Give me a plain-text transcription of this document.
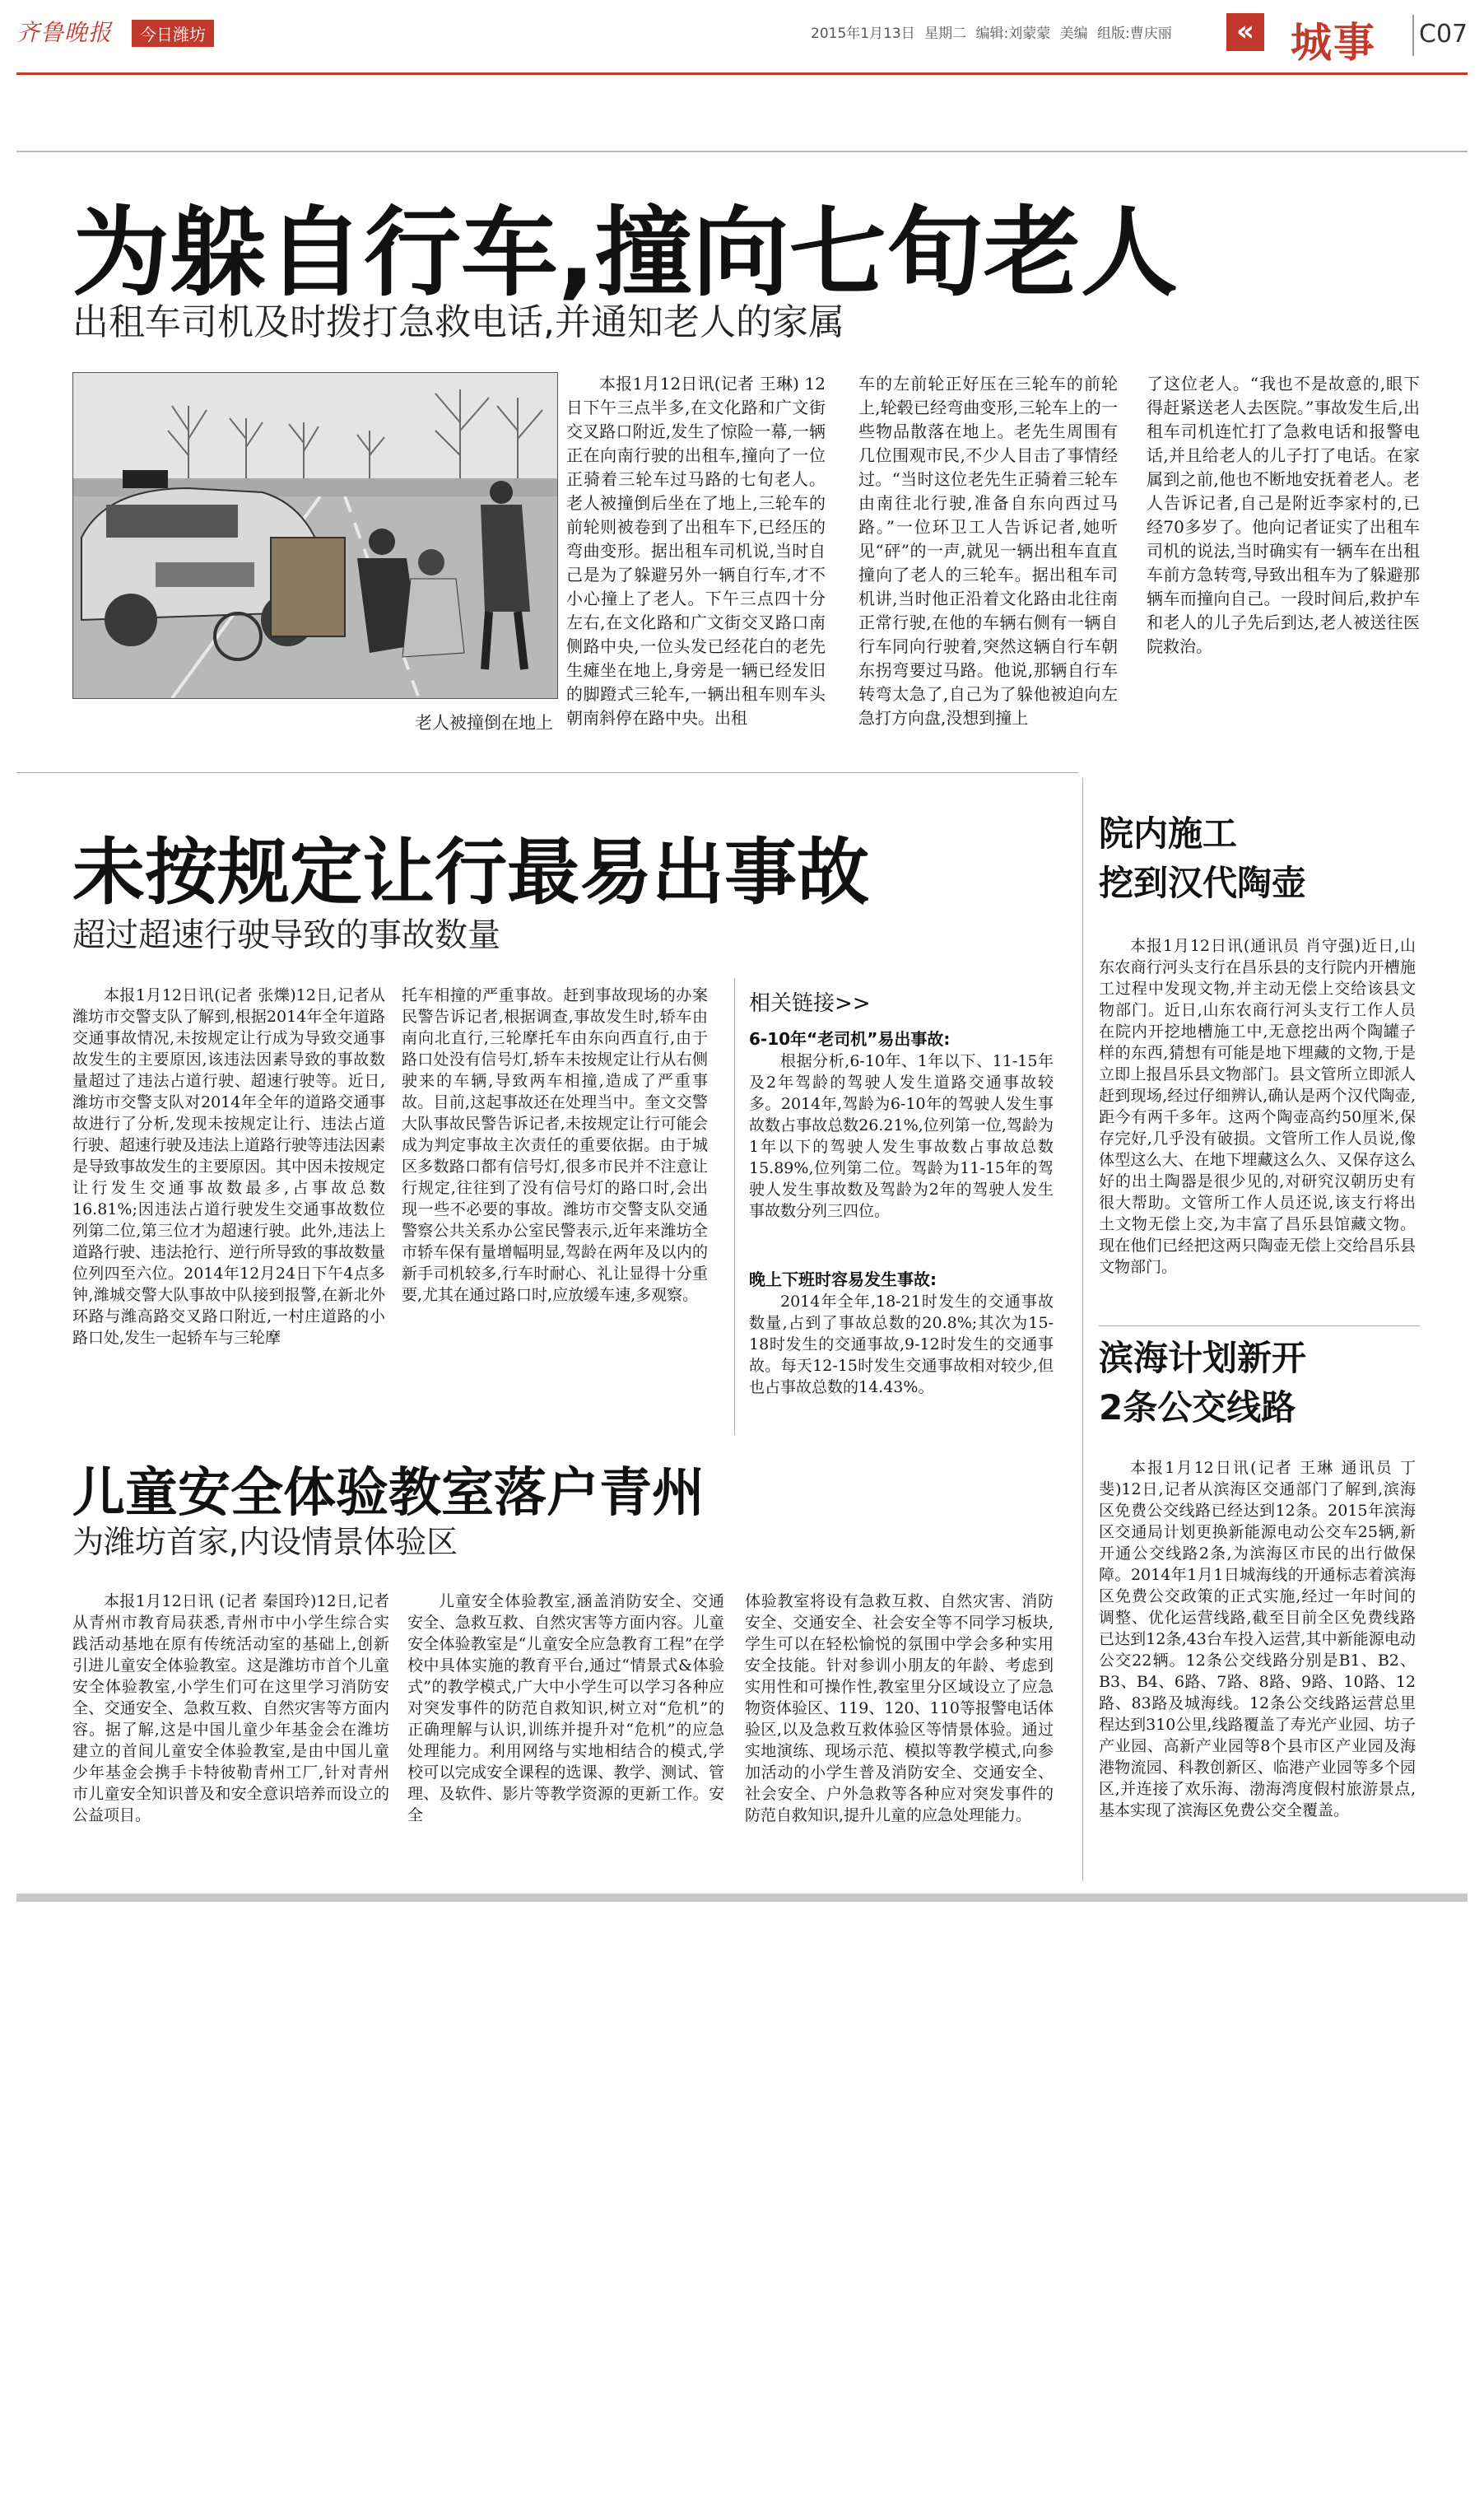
齐鲁晚报	今日潍坊	2015年1月13日 星期二 编辑:刘蒙蒙 美编 组版:曹庆丽	« 城事 C07
为躲自行车,撞向七旬老人
出租车司机及时拨打急救电话,并通知老人的家属
老人被撞倒在地上
本报1月12日讯(记者 王琳) 12日下午三点半多,在文化路和广文街交叉路口附近,发生了惊险一幕,一辆正在向南行驶的出租车,撞向了一位正骑着三轮车过马路的七旬老人。老人被撞倒后坐在了地上,三轮车的前轮则被卷到了出租车下,已经压的弯曲变形。据出租车司机说,当时自己是为了躲避另外一辆自行车,才不小心撞上了老人。下午三点四十分左右,在文化路和广文街交叉路口南侧路中央,一位头发已经花白的老先生瘫坐在地上,身旁是一辆已经发旧的脚蹬式三轮车,一辆出租车则车头朝南斜停在路中央。出租
车的左前轮正好压在三轮车的前轮上,轮毂已经弯曲变形,三轮车上的一些物品散落在地上。老先生周围有几位围观市民,不少人目击了事情经过。“当时这位老先生正骑着三轮车由南往北行驶,准备自东向西过马路。”一位环卫工人告诉记者,她听见“砰”的一声,就见一辆出租车直直撞向了老人的三轮车。据出租车司机讲,当时他正沿着文化路由北往南正常行驶,在他的车辆右侧有一辆自行车同向行驶着,突然这辆自行车朝东拐弯要过马路。他说,那辆自行车转弯太急了,自己为了躲他被迫向左急打方向盘,没想到撞上
了这位老人。“我也不是故意的,眼下得赶紧送老人去医院。”事故发生后,出租车司机连忙打了急救电话和报警电话,并且给老人的儿子打了电话。在家属到之前,他也不断地安抚着老人。老人告诉记者,自己是附近李家村的,已经70多岁了。他向记者证实了出租车司机的说法,当时确实有一辆车在出租车前方急转弯,导致出租车为了躲避那辆车而撞向自己。一段时间后,救护车和老人的儿子先后到达,老人被送往医院救治。
未按规定让行最易出事故
超过超速行驶导致的事故数量
本报1月12日讯(记者 张爍)12日,记者从潍坊市交警支队了解到,根据2014年全年道路交通事故情况,未按规定让行成为导致交通事故发生的主要原因,该违法因素导致的事故数量超过了违法占道行驶、超速行驶等。近日,潍坊市交警支队对2014年全年的道路交通事故进行了分析,发现未按规定让行、违法占道行驶、超速行驶及违法上道路行驶等违法因素是导致事故发生的主要原因。其中因未按规定让行发生交通事故数最多,占事故总数16.81%;因违法占道行驶发生交通事故数位列第二位,第三位才为超速行驶。此外,违法上道路行驶、违法抢行、逆行所导致的事故数量位列四至六位。2014年12月24日下午4点多钟,潍城交警大队事故中队接到报警,在新北外环路与潍高路交叉路口附近,一村庄道路的小路口处,发生一起轿车与三轮摩
托车相撞的严重事故。赶到事故现场的办案民警告诉记者,根据调查,事故发生时,轿车由南向北直行,三轮摩托车由东向西直行,由于路口处没有信号灯,轿车未按规定让行从右侧驶来的车辆,导致两车相撞,造成了严重事故。目前,这起事故还在处理当中。奎文交警大队事故民警告诉记者,未按规定让行可能会成为判定事故主次责任的重要依据。由于城区多数路口都有信号灯,很多市民并不注意让行规定,往往到了没有信号灯的路口时,会出现一些不必要的事故。潍坊市交警支队交通警察公共关系办公室民警表示,近年来潍坊全市轿车保有量增幅明显,驾龄在两年及以内的新手司机较多,行车时耐心、礼让显得十分重要,尤其在通过路口时,应放缓车速,多观察。
相关链接>>
6-10年“老司机”易出事故:
根据分析,6-10年、1年以下、11-15年及2年驾龄的驾驶人发生道路交通事故较多。2014年,驾龄为6-10年的驾驶人发生事故数占事故总数26.21%,位列第一位,驾龄为1年以下的驾驶人发生事故数占事故总数15.89%,位列第二位。驾龄为11-15年的驾驶人发生事故数及驾龄为2年的驾驶人发生事故数分列三四位。
晚上下班时容易发生事故:
2014年全年,18-21时发生的交通事故数量,占到了事故总数的20.8%;其次为15-18时发生的交通事故,9-12时发生的交通事故。每天12-15时发生交通事故相对较少,但也占事故总数的14.43%。
儿童安全体验教室落户青州
为潍坊首家,内设情景体验区
本报1月12日讯 (记者 秦国玲)12日,记者从青州市教育局获悉,青州市中小学生综合实践活动基地在原有传统活动室的基础上,创新引进儿童安全体验教室。这是潍坊市首个儿童安全体验教室,小学生们可在这里学习消防安全、交通安全、急救互救、自然灾害等方面内容。据了解,这是中国儿童少年基金会在潍坊建立的首间儿童安全体验教室,是由中国儿童少年基金会携手卡特彼勒青州工厂,针对青州市儿童安全知识普及和安全意识培养而设立的公益项目。
儿童安全体验教室,涵盖消防安全、交通安全、急救互救、自然灾害等方面内容。儿童安全体验教室是“儿童安全应急教育工程”在学校中具体实施的教育平台,通过“情景式&体验式”的教学模式,广大中小学生可以学习各种应对突发事件的防范自救知识,树立对“危机”的正确理解与认识,训练并提升对“危机”的应急处理能力。利用网络与实地相结合的模式,学校可以完成安全课程的选课、教学、测试、管理、及软件、影片等教学资源的更新工作。安全
体验教室将设有急救互救、自然灾害、消防安全、交通安全、社会安全等不同学习板块,学生可以在轻松愉悦的氛围中学会多种实用安全技能。针对参训小朋友的年龄、考虑到实用性和可操作性,教室里分区域设立了应急物资体验区、119、120、110等报警电话体验区,以及急救互救体验区等情景体验。通过实地演练、现场示范、模拟等教学模式,向参加活动的小学生普及消防安全、交通安全、社会安全、户外急救等各种应对突发事件的防范自救知识,提升儿童的应急处理能力。
院内施工
挖到汉代陶壶
本报1月12日讯(通讯员 肖守强)近日,山东农商行河头支行在昌乐县的支行院内开槽施工过程中发现文物,并主动无偿上交给该县文物部门。近日,山东农商行河头支行工作人员在院内开挖地槽施工中,无意挖出两个陶罐子样的东西,猜想有可能是地下埋藏的文物,于是立即上报昌乐县文物部门。县文管所立即派人赶到现场,经过仔细辨认,确认是两个汉代陶壶,距今有两千多年。这两个陶壶高约50厘米,保存完好,几乎没有破损。文管所工作人员说,像体型这么大、在地下埋藏这么久、又保存这么好的出土陶器是很少见的,对研究汉朝历史有很大帮助。文管所工作人员还说,该支行将出土文物无偿上交,为丰富了昌乐县馆藏文物。现在他们已经把这两只陶壶无偿上交给昌乐县文物部门。
滨海计划新开
2条公交线路
本报1月12日讯(记者 王琳 通讯员 丁斐)12日,记者从滨海区交通部门了解到,滨海区免费公交线路已经达到12条。2015年滨海区交通局计划更换新能源电动公交车25辆,新开通公交线路2条,为滨海区市民的出行做保障。2014年1月1日城海线的开通标志着滨海区免费公交政策的正式实施,经过一年时间的调整、优化运营线路,截至目前全区免费线路已达到12条,43台车投入运营,其中新能源电动公交22辆。12条公交线路分别是B1、B2、B3、B4、6路、7路、8路、9路、10路、12路、83路及城海线。12条公交线路运营总里程达到310公里,线路覆盖了寿光产业园、坊子产业园、高新产业园等8个县市区产业园及海港物流园、科教创新区、临港产业园等多个园区,并连接了欢乐海、渤海湾度假村旅游景点,基本实现了滨海区免费公交全覆盖。
